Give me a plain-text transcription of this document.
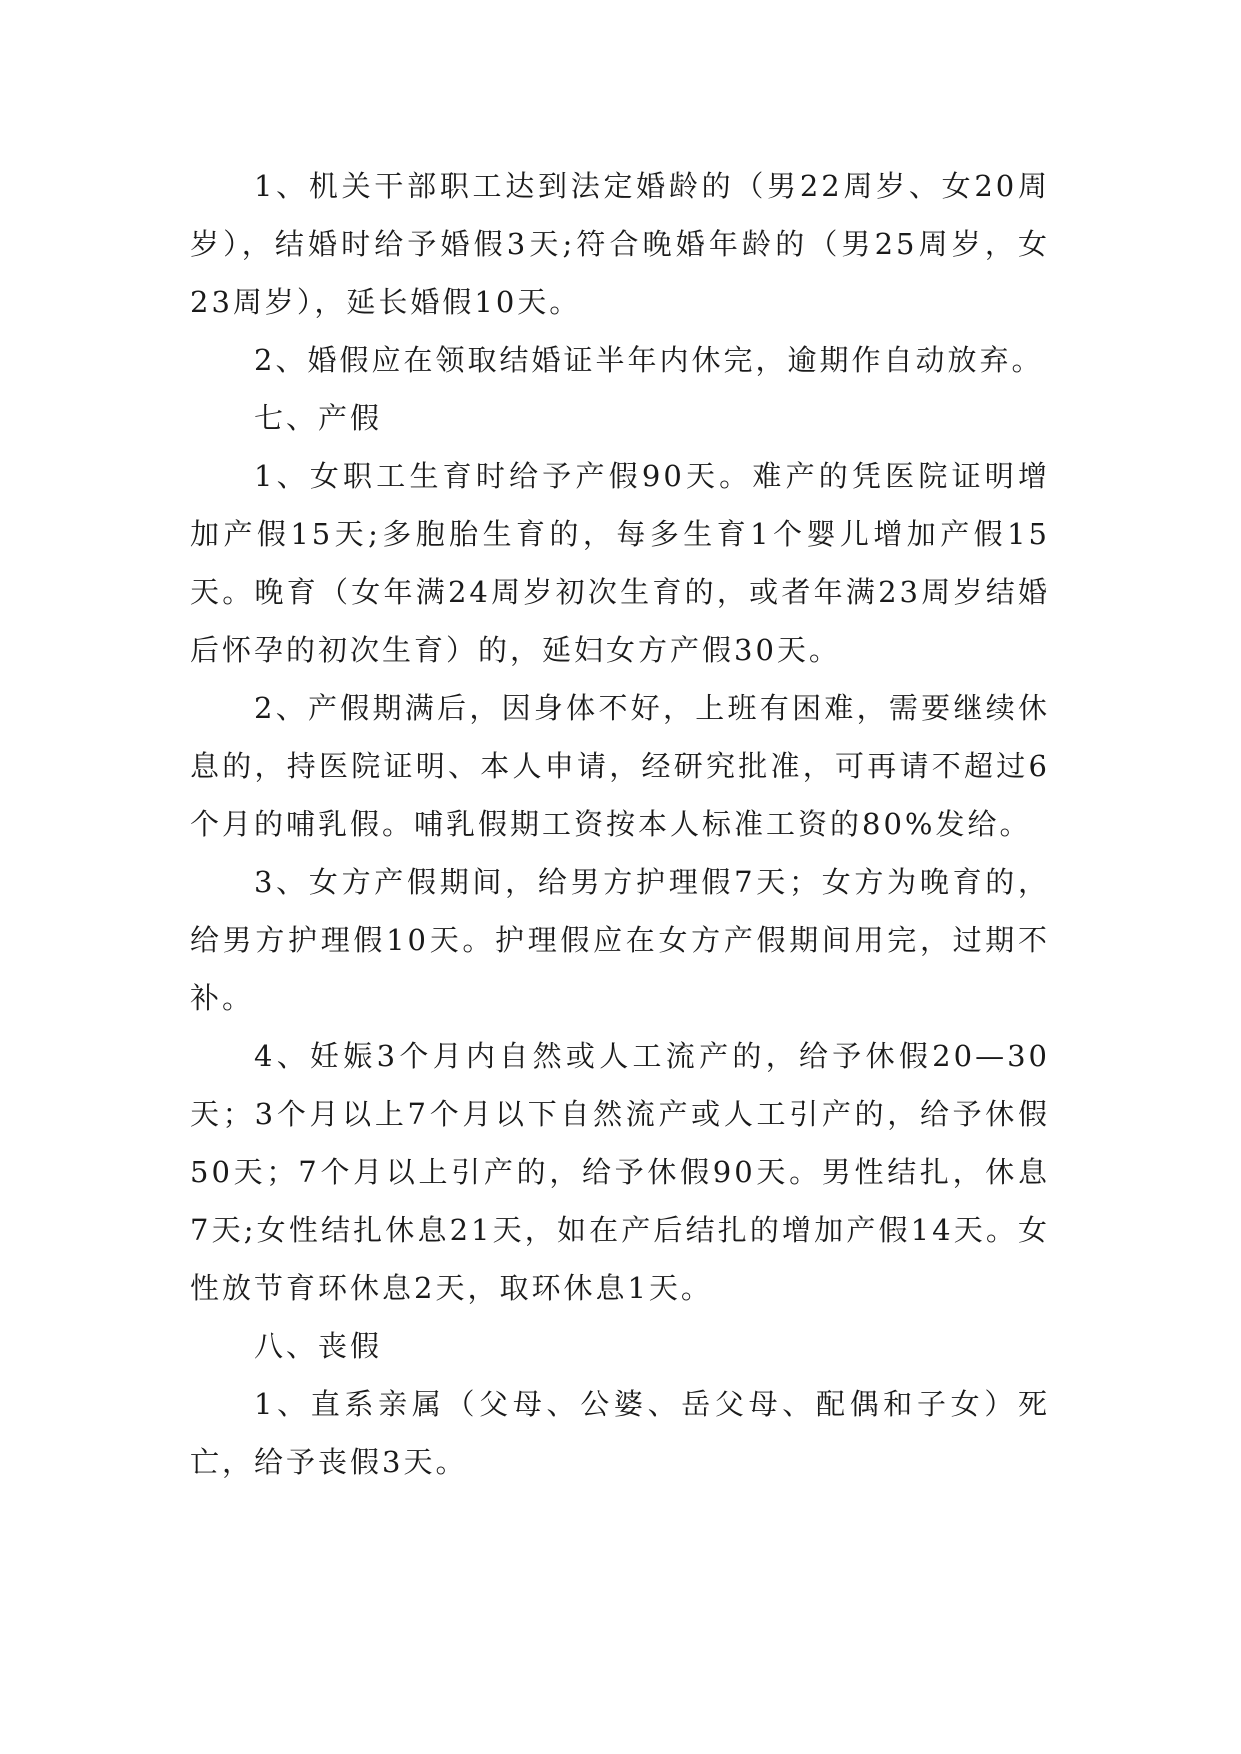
1、机关干部职工达到法定婚龄的（男22周岁、女20周岁），结婚时给予婚假3天;符合晚婚年龄的（男25周岁，女23周岁），延长婚假10天。

2、婚假应在领取结婚证半年内休完，逾期作自动放弃。

七、产假

1、女职工生育时给予产假90天。难产的凭医院证明增加产假15天;多胞胎生育的，每多生育1个婴儿增加产假15天。晚育（女年满24周岁初次生育的，或者年满23周岁结婚后怀孕的初次生育）的，延妇女方产假30天。

2、产假期满后，因身体不好，上班有困难，需要继续休息的，持医院证明、本人申请，经研究批准，可再请不超过6个月的哺乳假。哺乳假期工资按本人标准工资的80%发给。

3、女方产假期间，给男方护理假7天；女方为晚育的，给男方护理假10天。护理假应在女方产假期间用完，过期不补。

4、妊娠3个月内自然或人工流产的，给予休假20—30天；3个月以上7个月以下自然流产或人工引产的，给予休假50天；7个月以上引产的，给予休假90天。男性结扎，休息7天;女性结扎休息21天，如在产后结扎的增加产假14天。女性放节育环休息2天，取环休息1天。

八、丧假

1、直系亲属（父母、公婆、岳父母、配偶和子女）死亡，给予丧假3天。
